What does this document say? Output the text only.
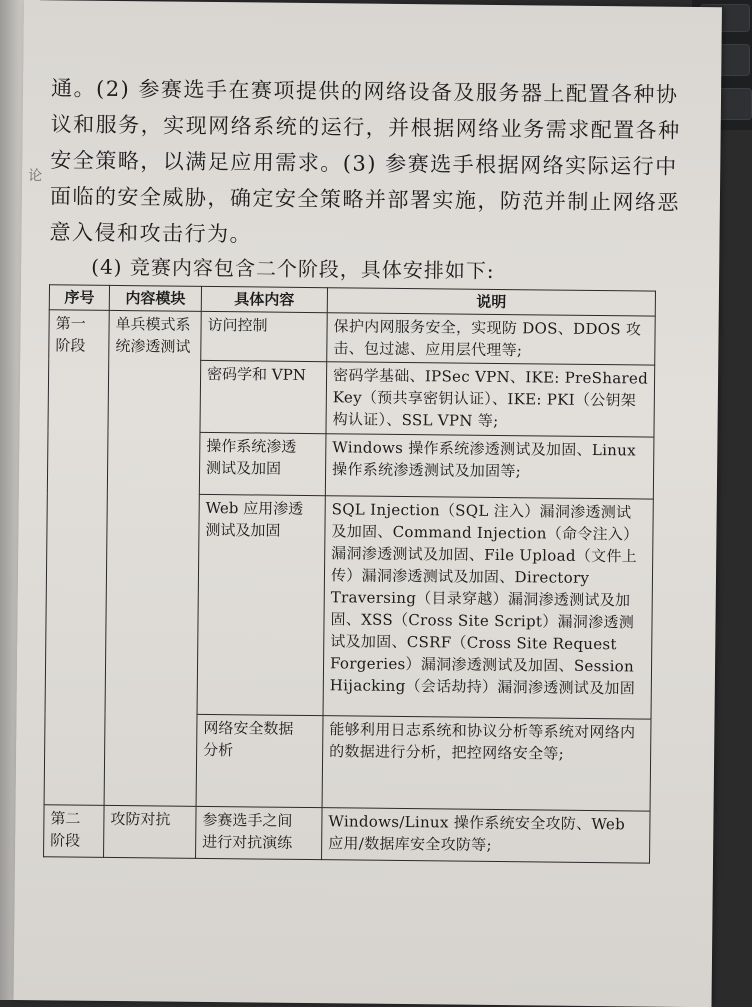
论
通。(2) 参赛选手在赛项提供的网络设备及服务器上配置各种协
议和服务，实现网络系统的运行，并根据网络业务需求配置各种
安全策略，以满足应用需求。(3) 参赛选手根据网络实际运行中
面临的安全威胁，确定安全策略并部署实施，防范并制止网络恶
意入侵和攻击行为。
(4) 竞赛内容包含二个阶段，具体安排如下:
序号	内容模块	具体内容	说明

第一
阶段	单兵模式系
统渗透测试	访问控制	保护内网服务安全，实现防 DOS、DDOS 攻击、包过滤、应用层代理等;

		密码学和 VPN	密码学基础、IPSec VPN、IKE: PreShared Key（预共享密钥认证）、IKE: PKI（公钥架构认证）、SSL VPN 等;

		操作系统渗透
测试及加固	Windows 操作系统渗透测试及加固、Linux 操作系统渗透测试及加固等;

		Web 应用渗透
测试及加固	SQL Injection（SQL 注入）漏洞渗透测试及加固、Command Injection（命令注入）漏洞渗透测试及加固、File Upload（文件上传）漏洞渗透测试及加固、Directory Traversing（目录穿越）漏洞渗透测试及加固、XSS（Cross Site Script）漏洞渗透测试及加固、CSRF（Cross Site Request Forgeries）漏洞渗透测试及加固、Session Hijacking（会话劫持）漏洞渗透测试及加固

		网络安全数据
分析	能够利用日志系统和协议分析等系统对网络内的数据进行分析，把控网络安全等;

第二
阶段	攻防对抗	参赛选手之间
进行对抗演练	Windows/Linux 操作系统安全攻防、Web 应用/数据库安全攻防等;
